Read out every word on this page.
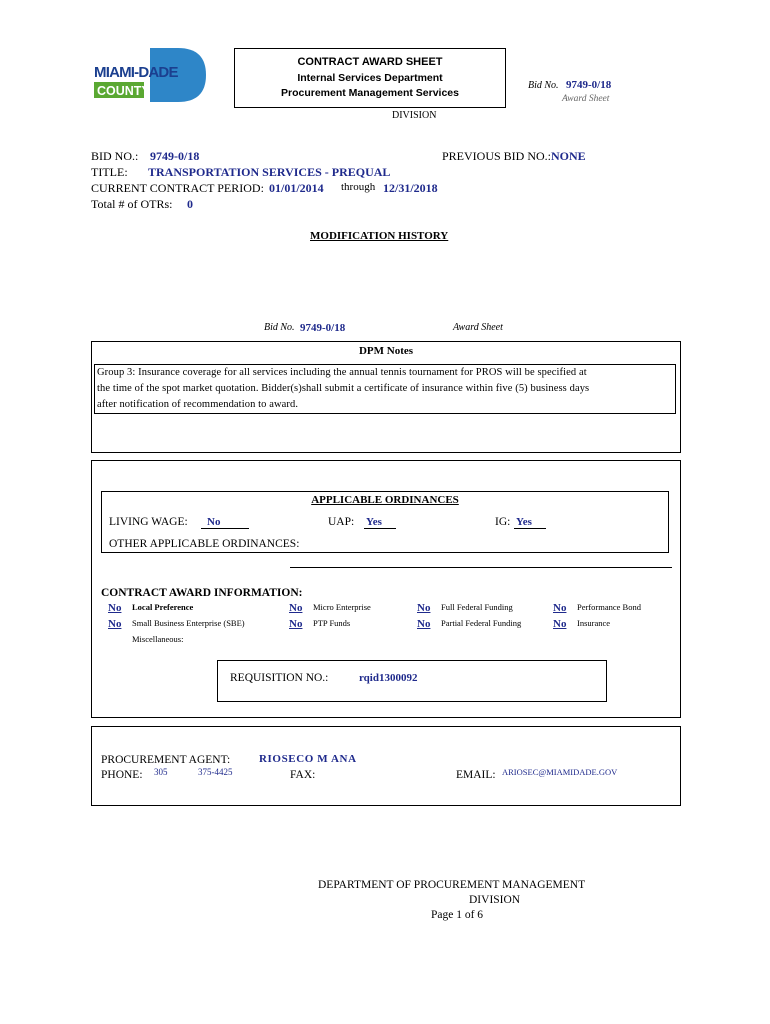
MIAMI-DADE
COUNTY
CONTRACT AWARD SHEET
Internal Services Department
Procurement Management Services
DIVISION
Bid No. 9749-0/18
Award Sheet
BID NO.: 9749-0/18	PREVIOUS BID NO.: NONE
TITLE: TRANSPORTATION SERVICES - PREQUAL
CURRENT CONTRACT PERIOD: 01/01/2014 through 12/31/2018
Total # of OTRs: 0
MODIFICATION HISTORY
Bid No. 9749-0/18	Award Sheet
DPM Notes
Group 3: Insurance coverage for all services including the annual tennis tournament for PROS will be specified at
the time of the spot market quotation. Bidder(s)shall submit a certificate of insurance within five (5) business days
after notification of recommendation to award.
APPLICABLE ORDINANCES
LIVING WAGE:	No	UAP: Yes	IG: Yes
OTHER APPLICABLE ORDINANCES:
CONTRACT AWARD INFORMATION:
No Local Preference	No Micro Enterprise	No Full Federal Funding	No Performance Bond
No Small Business Enterprise (SBE)	No PTP Funds	No Partial Federal Funding	No Insurance
Miscellaneous:
REQUISITION NO.:	rqid1300092
PROCUREMENT AGENT:	RIOSECO M ANA
PHONE: 305	375-4425	FAX:	EMAIL: ARIOSEC@MIAMIDADE.GOV
DEPARTMENT OF PROCUREMENT MANAGEMENT
DIVISION
Page 1 of 6
